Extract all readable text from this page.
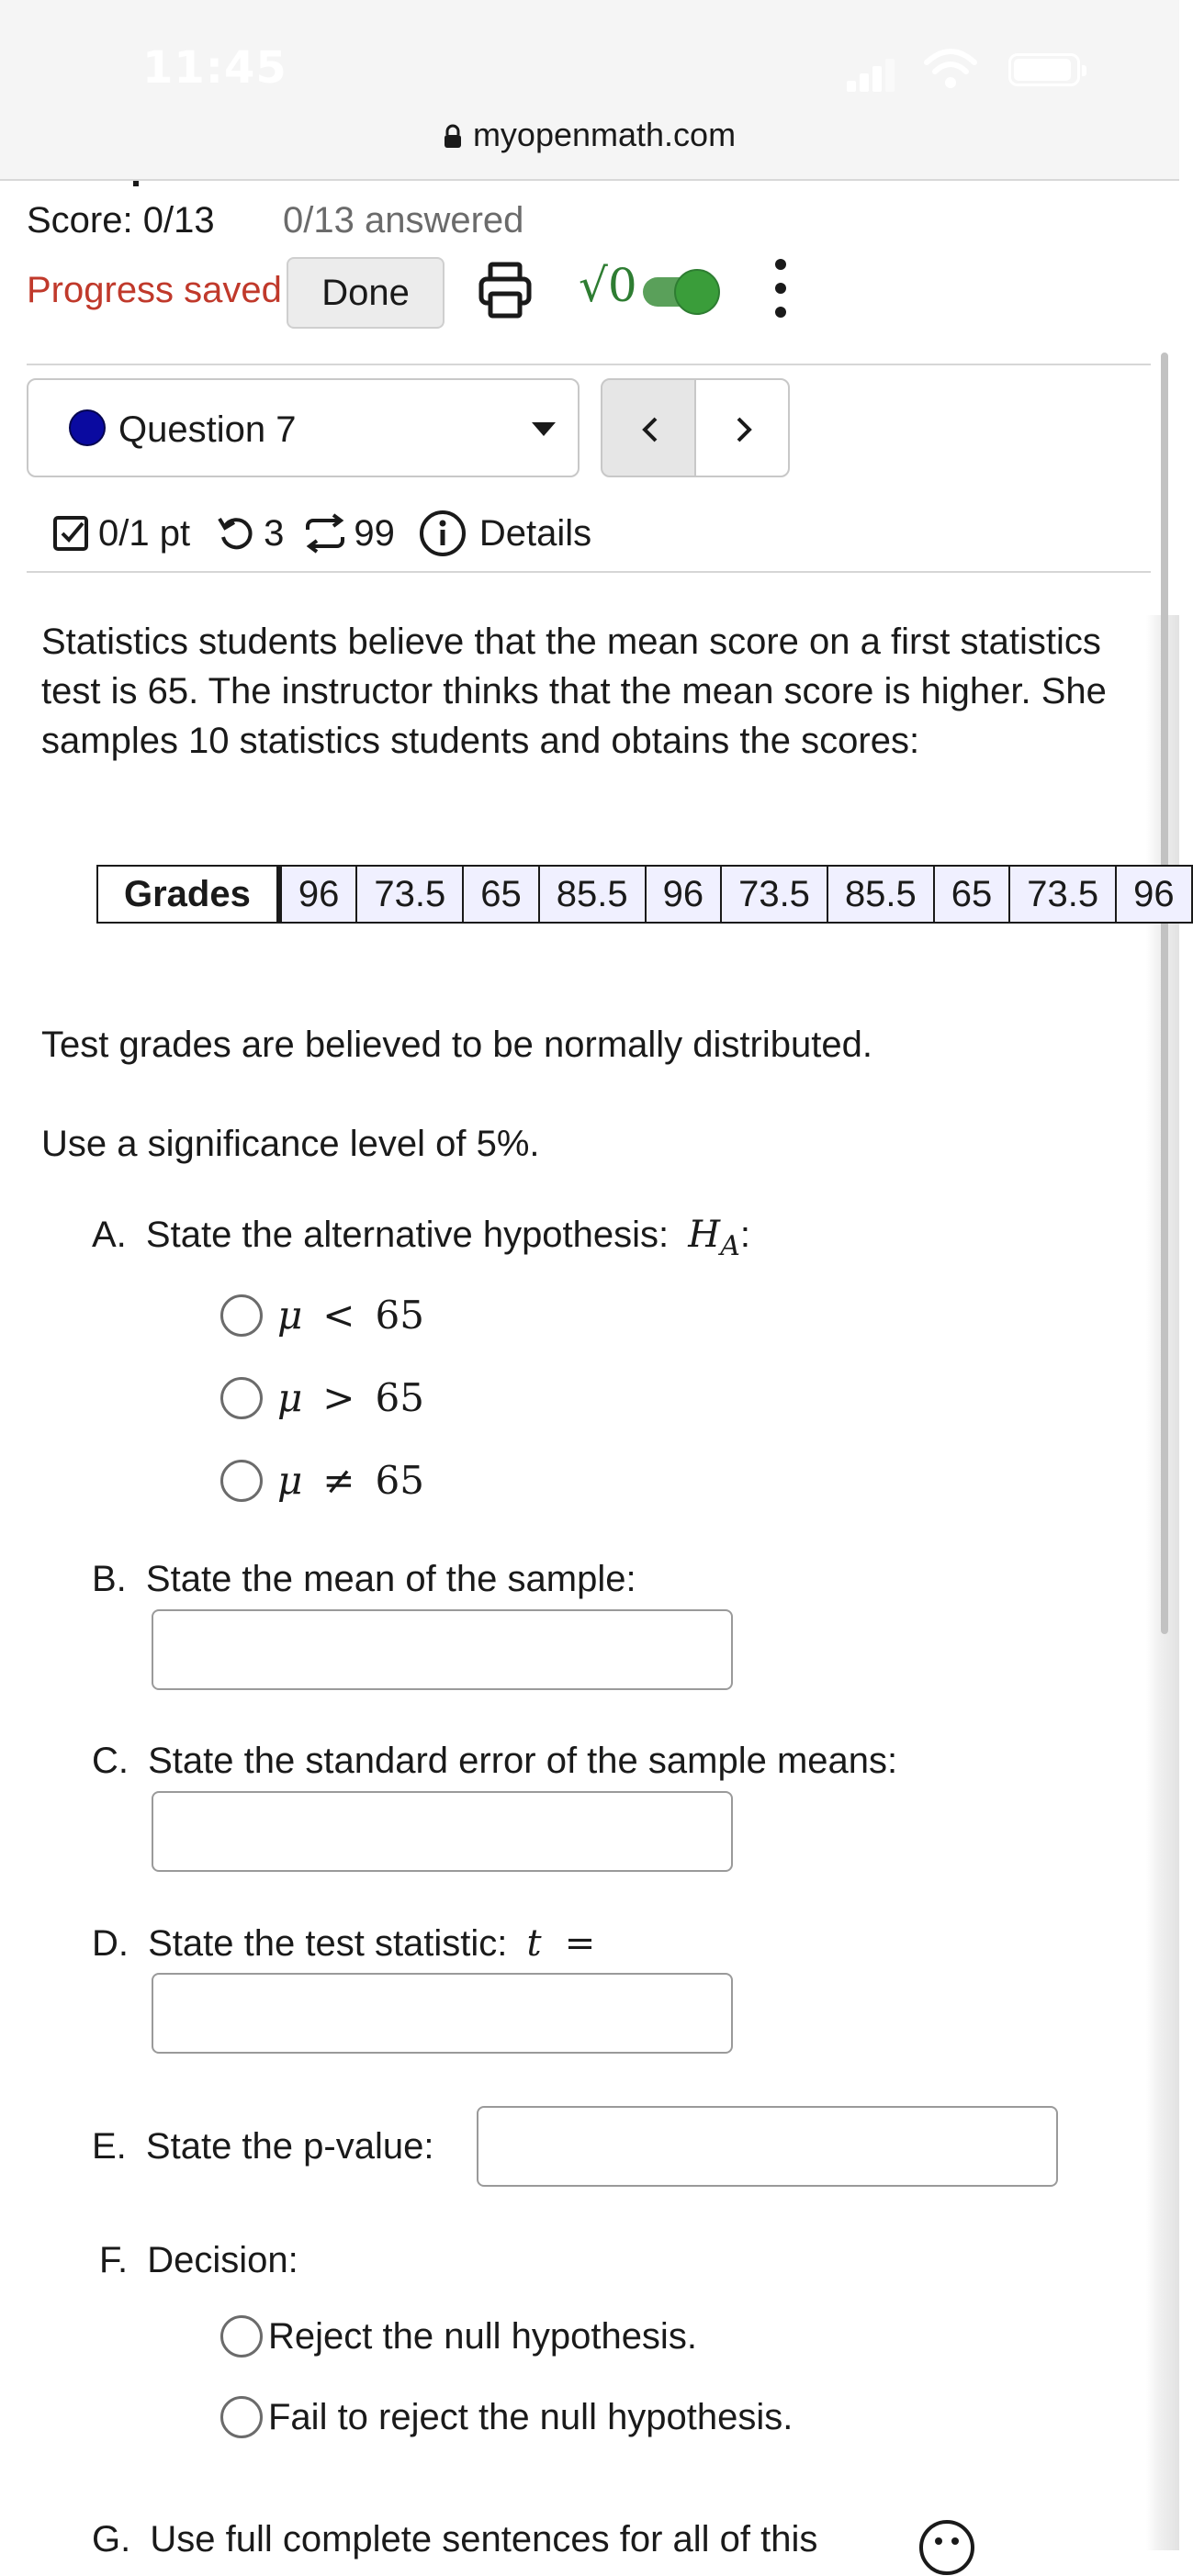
11:45
myopenmath.com
Score: 0/13 0/13 answered
Progress saved	Done	√0
Question 7
0/1 pt 3 99 Details
Statistics students believe that the mean score on a first statistics test is 65. The instructor thinks that the mean score is higher. She samples 10 statistics students and obtains the scores:
Grades	96	73.5	65	85.5	96	73.5	85.5	65	73.5	96
Test grades are believed to be normally distributed.
Use a significance level of 5%.
A. State the alternative hypothesis: $H_A$:
μ < 65
μ > 65
μ ≠ 65
B. State the mean of the sample:
C. State the standard error of the sample means:
D. State the test statistic: t =
E. State the p-value:
F. Decision:
Reject the null hypothesis.
Fail to reject the null hypothesis.
G. Use full complete sentences for all of this
